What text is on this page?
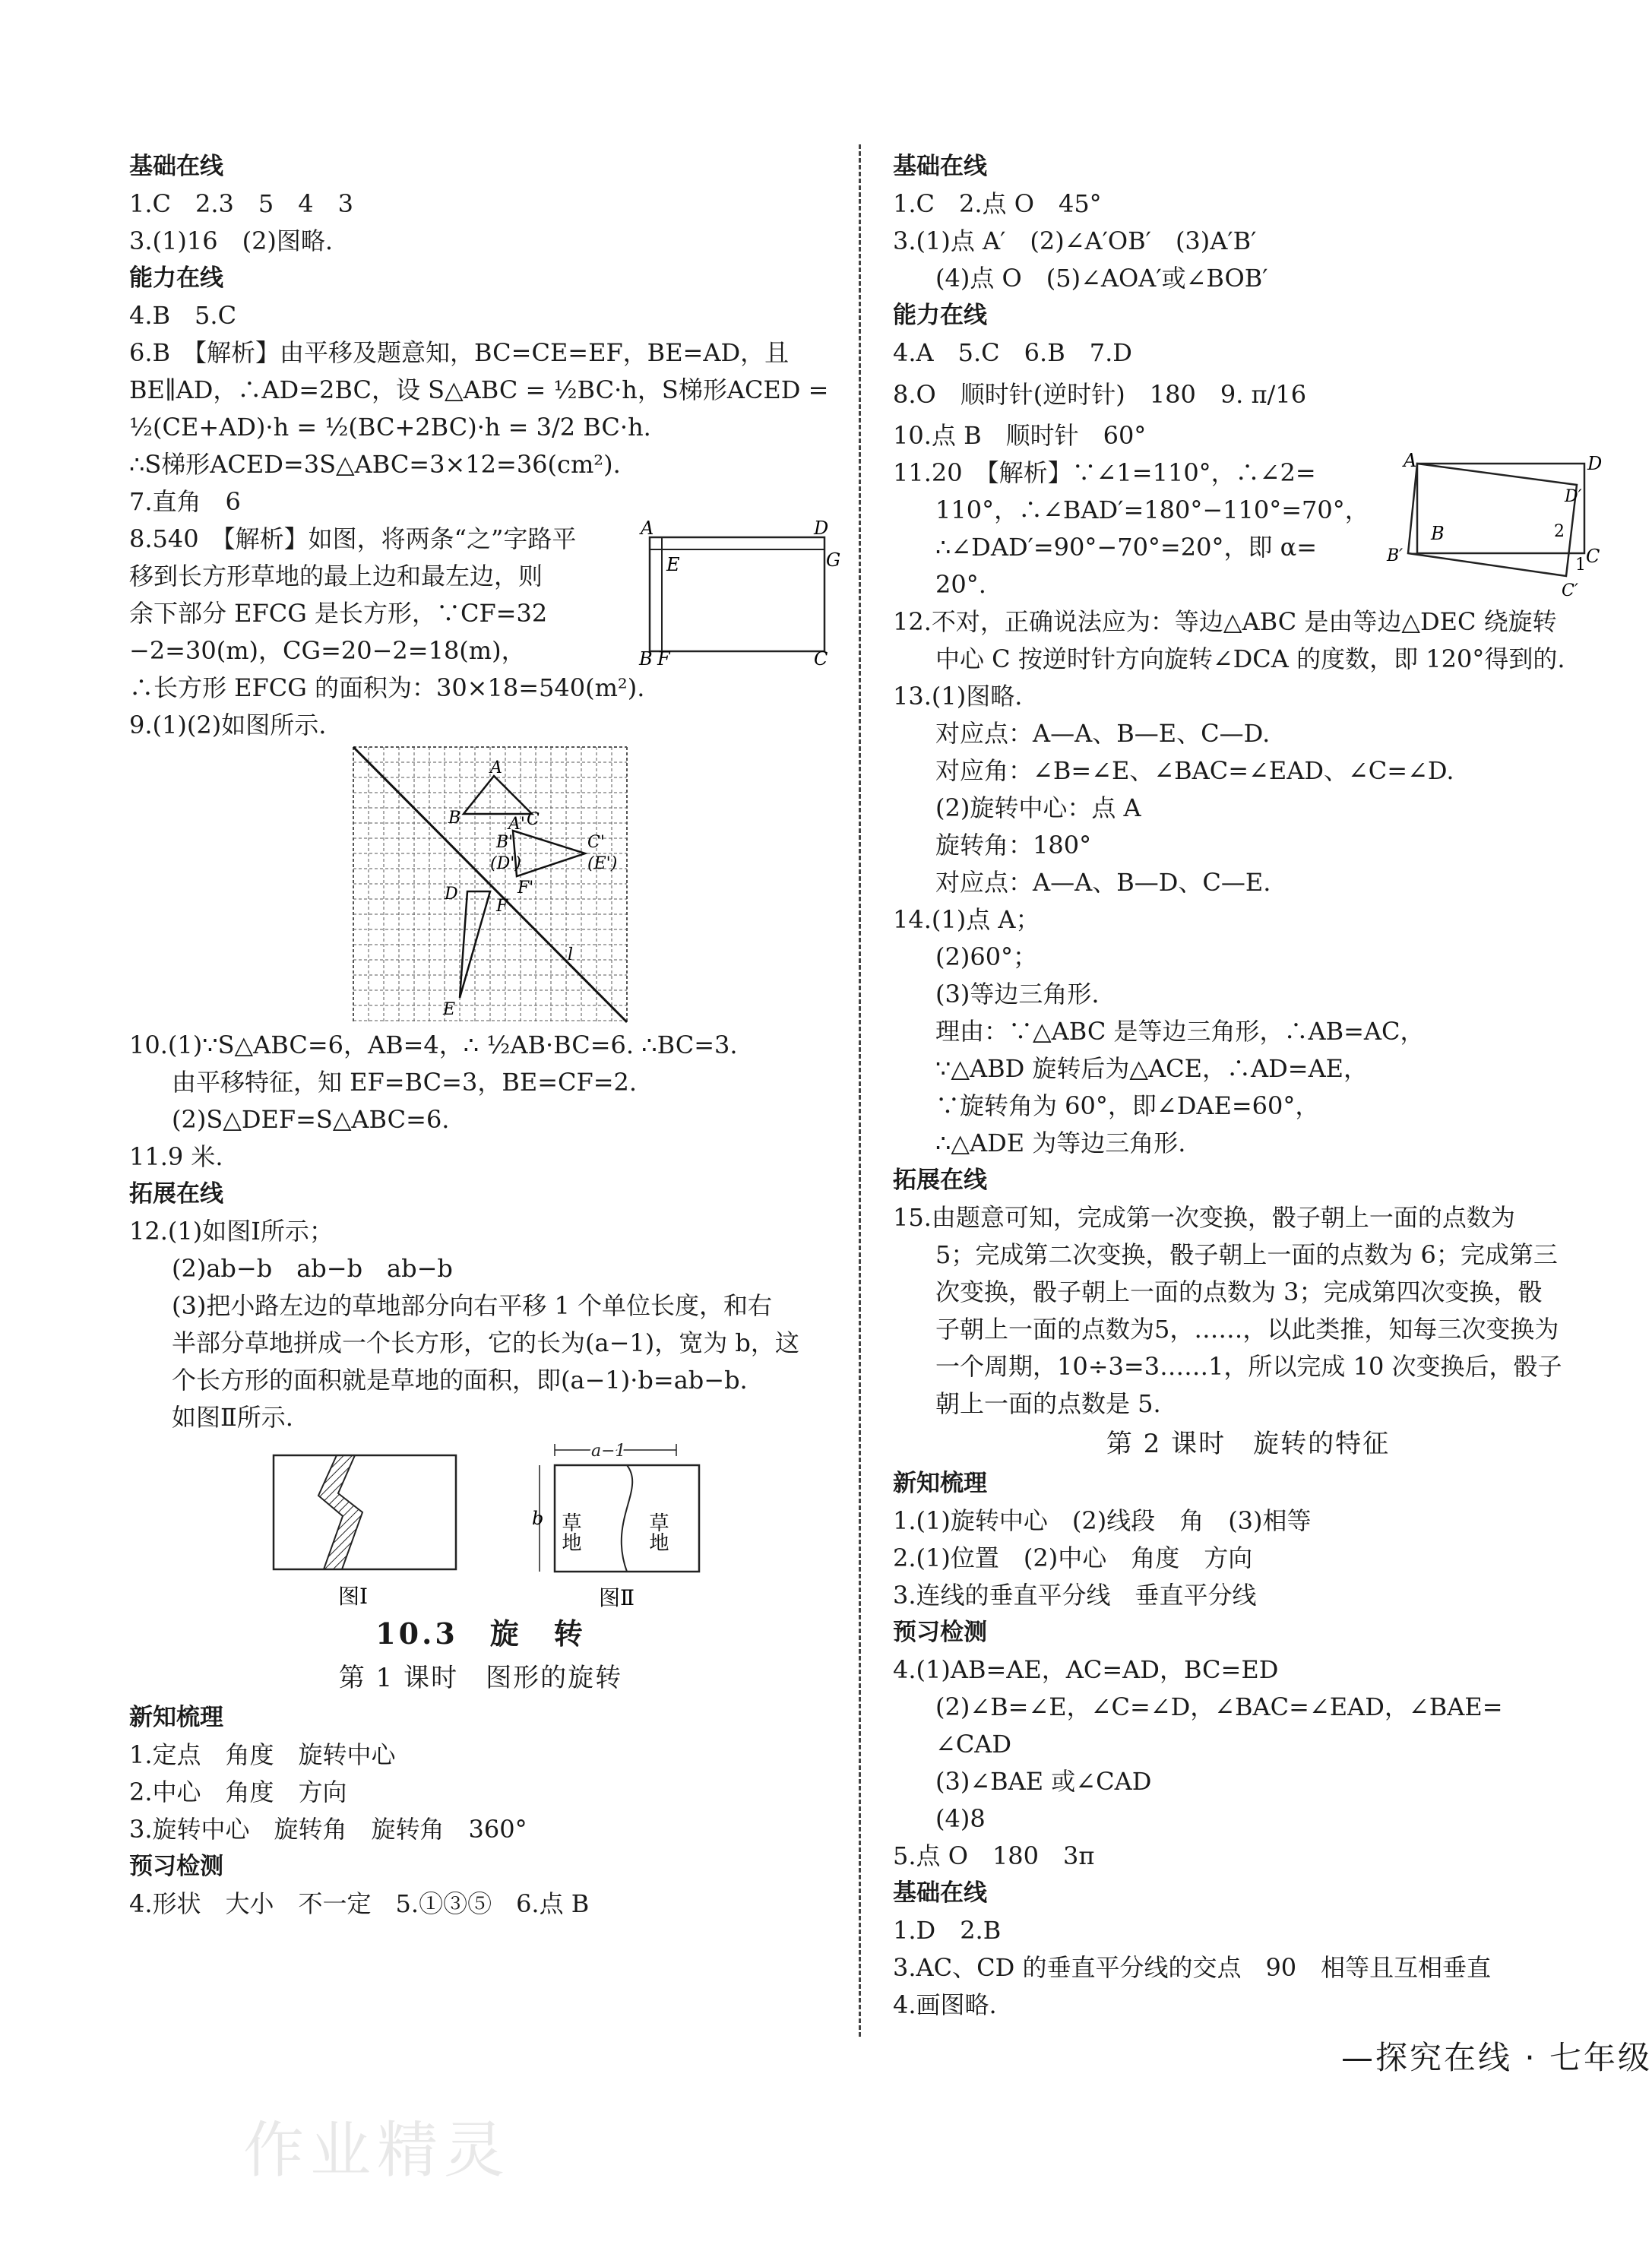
基础在线
1.C　2.3　5　4　3
3.(1)16　(2)图略.
能力在线
4.B　5.C
6.B　【解析】由平移及题意知，BC=CE=EF，BE=AD，且
BE∥AD，∴AD=2BC，设 S△ABC = ½BC·h，S梯形ACED =
½(CE+AD)·h = ½(BC+2BC)·h = 3/2 BC·h.
∴S梯形ACED=3S△ABC=3×12=36(cm²).
7.直角　6
8.540　【解析】如图，将两条“之”字路平
移到长方形草地的最上边和最左边，则
余下部分 EFCG 是长方形，∵CF=32
−2=30(m)，CG=20−2=18(m)，
A	D
G
E
B F	C
∴长方形 EFCG 的面积为：30×18=540(m²).
9.(1)(2)如图所示.
A
B	C
A'
B'	C'
(D')	(E')
F'
D
F
E
l
10.(1)∵S△ABC=6，AB=4，∴ ½AB·BC=6. ∴BC=3.
由平移特征，知 EF=BC=3，BE=CF=2.
(2)S△DEF=S△ABC=6.
11.9 米.
拓展在线
12.(1)如图Ⅰ所示；
(2)ab−b　ab−b　ab−b
(3)把小路左边的草地部分向右平移 1 个单位长度，和右
半部分草地拼成一个长方形，它的长为(a−1)，宽为 b，这
个长方形的面积就是草地的面积，即(a−1)·b=ab−b.
如图Ⅱ所示.
图Ⅰ
a−1
b 草地	草地
图Ⅱ
10.3　旋　转
第 1 课时　图形的旋转
新知梳理
1.定点　角度　旋转中心
2.中心　角度　方向
3.旋转中心　旋转角　旋转角　360°
预习检测
4.形状　大小　不一定　5.①③⑤　6.点 B
基础在线
1.C　2.点 O　45°
3.(1)点 A′　(2)∠A′OB′　(3)A′B′
(4)点 O　(5)∠AOA′或∠BOB′
能力在线
4.A　5.C　6.B　7.D
8.O　顺时针(逆时针)　180　9. π/16
10.点 B　顺时针　60°
11.20　【解析】∵∠1=110°，∴∠2=
110°，∴∠BAD′=180°−110°=70°，
∴∠DAD′=90°−70°=20°，即 α=
20°.
A	D
D′
B
B′
2
1 C
C′
12.不对，正确说法应为：等边△ABC 是由等边△DEC 绕旋转
中心 C 按逆时针方向旋转∠DCA 的度数，即 120°得到的.
13.(1)图略.
对应点：A—A、B—E、C—D.
对应角：∠B=∠E、∠BAC=∠EAD、∠C=∠D.
(2)旋转中心：点 A
旋转角：180°
对应点：A—A、B—D、C—E.
14.(1)点 A；
(2)60°；
(3)等边三角形.
理由：∵△ABC 是等边三角形，∴AB=AC，
∵△ABD 旋转后为△ACE，∴AD=AE，
∵旋转角为 60°，即∠DAE=60°，
∴△ADE 为等边三角形.
拓展在线
15.由题意可知，完成第一次变换，骰子朝上一面的点数为
5；完成第二次变换，骰子朝上一面的点数为 6；完成第三
次变换，骰子朝上一面的点数为 3；完成第四次变换，骰
子朝上一面的点数为5，……，以此类推，知每三次变换为
一个周期，10÷3=3……1，所以完成 10 次变换后，骰子
朝上一面的点数是 5.
第 2 课时　旋转的特征
新知梳理
1.(1)旋转中心　(2)线段　角　(3)相等
2.(1)位置　(2)中心　角度　方向
3.连线的垂直平分线　垂直平分线
预习检测
4.(1)AB=AE，AC=AD，BC=ED
(2)∠B=∠E，∠C=∠D，∠BAC=∠EAD，∠BAE=
∠CAD
(3)∠BAE 或∠CAD
(4)8
5.点 O　180　3π
基础在线
1.D　2.B
3.AC、CD 的垂直平分线的交点　90　相等且互相垂直
4.画图略.
—探究在线 · 七年级
作业精灵
